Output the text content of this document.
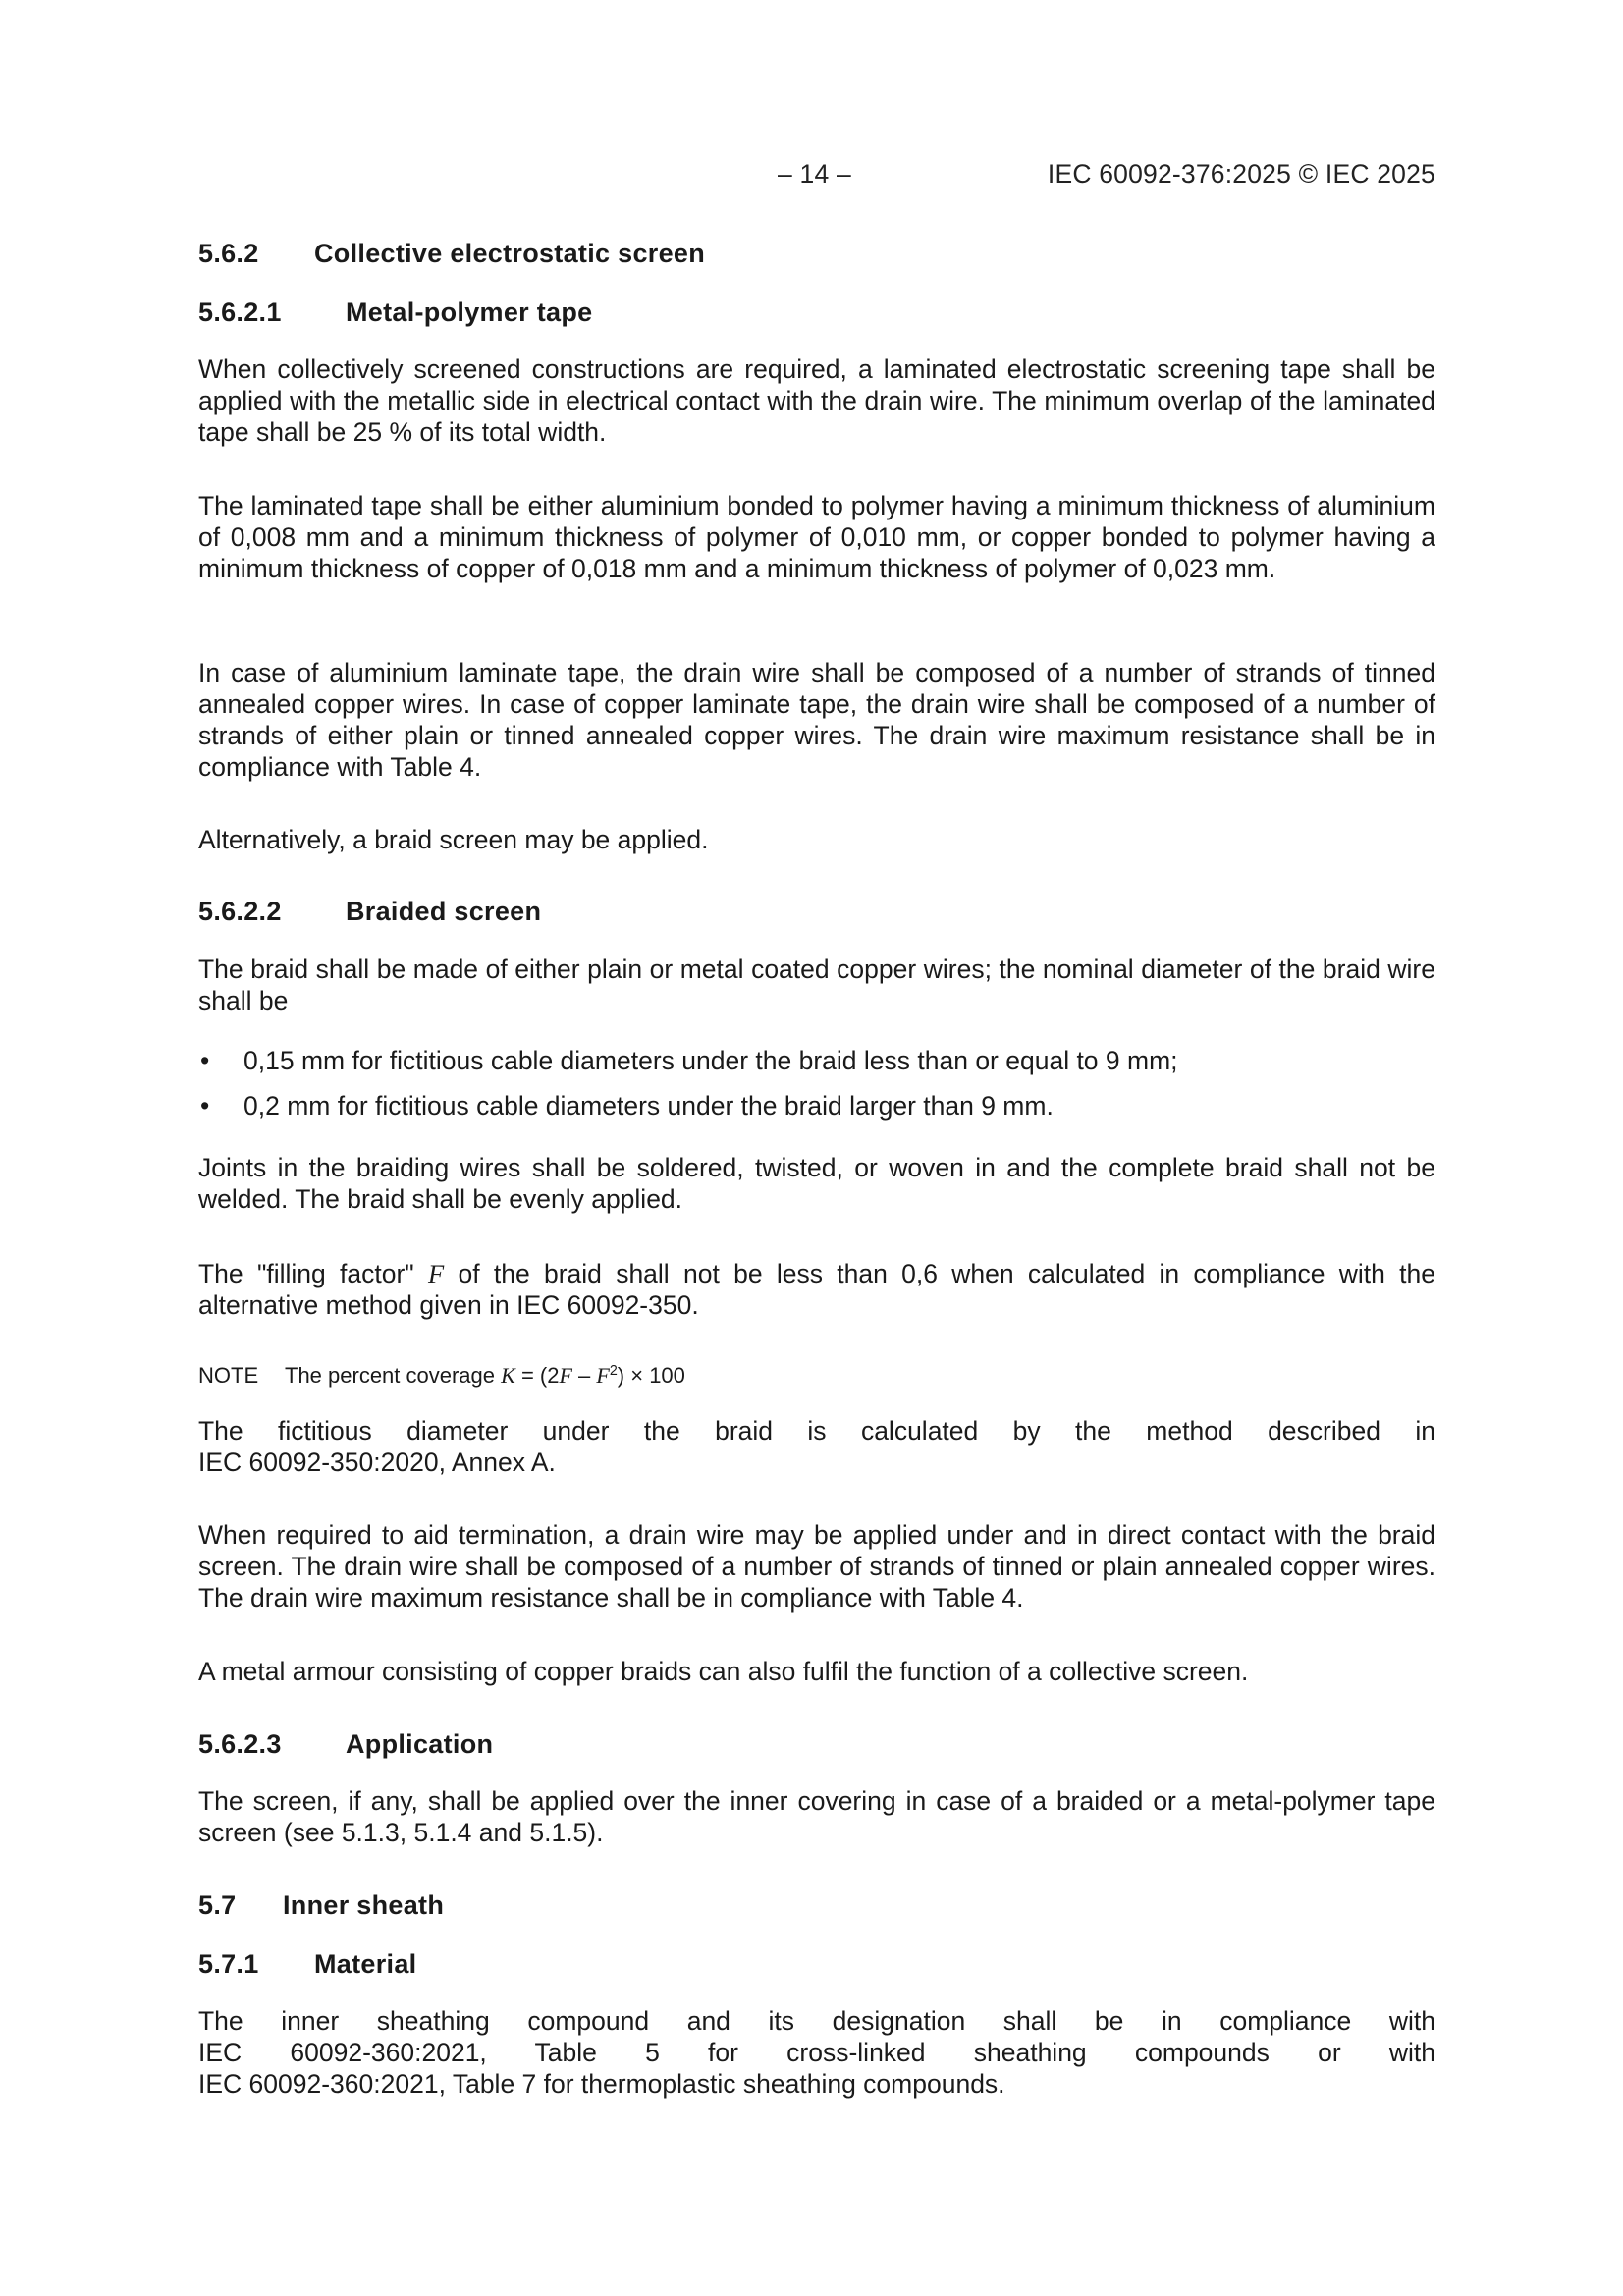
– 14 –	IEC 60092-376:2025 © IEC 2025
5.6.2 Collective electrostatic screen
5.6.2.1 Metal-polymer tape
When collectively screened constructions are required, a laminated electrostatic screening tape shall be applied with the metallic side in electrical contact with the drain wire. The minimum overlap of the laminated tape shall be 25 % of its total width.
The laminated tape shall be either aluminium bonded to polymer having a minimum thickness of aluminium of 0,008 mm and a minimum thickness of polymer of 0,010 mm, or copper bonded to polymer having a minimum thickness of copper of 0,018 mm and a minimum thickness of polymer of 0,023 mm.
In case of aluminium laminate tape, the drain wire shall be composed of a number of strands of tinned annealed copper wires. In case of copper laminate tape, the drain wire shall be composed of a number of strands of either plain or tinned annealed copper wires. The drain wire maximum resistance shall be in compliance with Table 4.
Alternatively, a braid screen may be applied.
5.6.2.2 Braided screen
The braid shall be made of either plain or metal coated copper wires; the nominal diameter of the braid wire shall be
• 0,15 mm for fictitious cable diameters under the braid less than or equal to 9 mm;
• 0,2 mm for fictitious cable diameters under the braid larger than 9 mm.
Joints in the braiding wires shall be soldered, twisted, or woven in and the complete braid shall not be welded. The braid shall be evenly applied.
The "filling factor" F of the braid shall not be less than 0,6 when calculated in compliance with the alternative method given in IEC 60092-350.
NOTE The percent coverage $K = (2F - F^2) \times 100$
The fictitious diameter under the braid is calculated by the method described in
IEC 60092-350:2020, Annex A.
When required to aid termination, a drain wire may be applied under and in direct contact with the braid screen. The drain wire shall be composed of a number of strands of tinned or plain annealed copper wires. The drain wire maximum resistance shall be in compliance with Table 4.
A metal armour consisting of copper braids can also fulfil the function of a collective screen.
5.6.2.3 Application
The screen, if any, shall be applied over the inner covering in case of a braided or a metal-polymer tape screen (see 5.1.3, 5.1.4 and 5.1.5).
5.7 Inner sheath
5.7.1 Material
The inner sheathing compound and its designation shall be in compliance with
IEC 60092-360:2021, Table 5 for cross-linked sheathing compounds or with
IEC 60092-360:2021, Table 7 for thermoplastic sheathing compounds.
